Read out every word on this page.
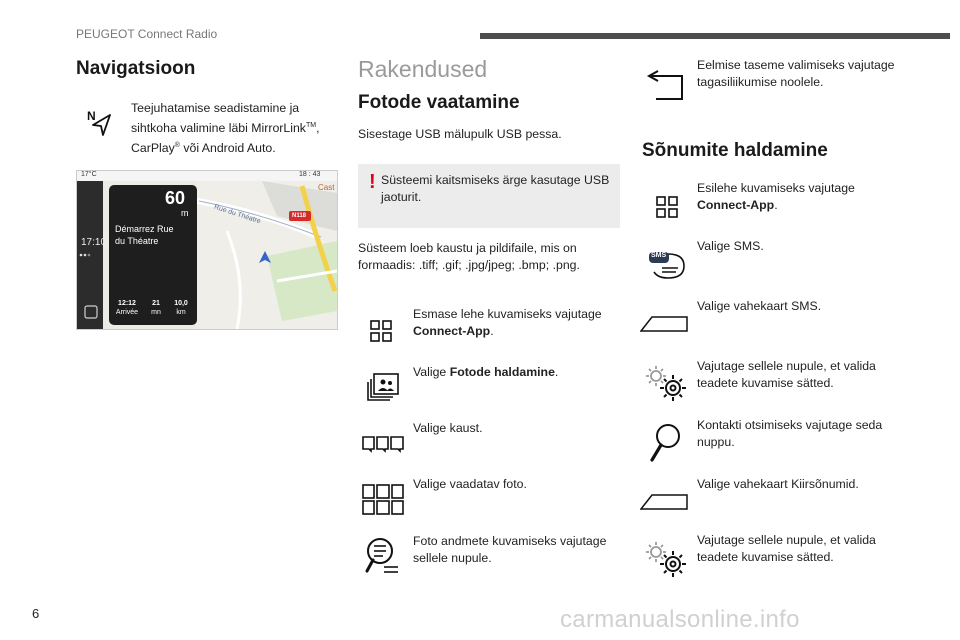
PEUGEOT Connect Radio
Navigatsioon
N
Teejuhatamise seadistamine ja sihtkoha valimine läbi MirrorLink™, CarPlay® või Android Auto.
17°C	18 : 43
17:10
60
m
Démarrez Rue
du Théatre
Rue du Théatre	N118
Cast
12:12
Arrivée
21
mn
10,0
km
Rakendused
Fotode vaatamine
Sisestage USB mälupulk USB pessa.
! Süsteemi kaitsmiseks ärge kasutage USB jaoturit.
Süsteem loeb kaustu ja pildifaile, mis on formaadis: .tiff; .gif; .jpg/jpeg; .bmp; .png.
Esmase lehe kuvamiseks vajutage Connect-App.
Valige Fotode haldamine.
Valige kaust.
Valige vaadatav foto.
Foto andmete kuvamiseks vajutage sellele nupule.
Eelmise taseme valimiseks vajutage tagasiliikumise noolele.
Sõnumite haldamine
Esilehe kuvamiseks vajutage
Connect-App.
SMS
Valige SMS.
Valige vahekaart SMS.
Vajutage sellele nupule, et valida teadete kuvamise sätted.
Kontakti otsimiseks vajutage seda nuppu.
Valige vahekaart Kiirsõnumid.
Vajutage sellele nupule, et valida teadete kuvamise sätted.
6	carmanualsonline.info
